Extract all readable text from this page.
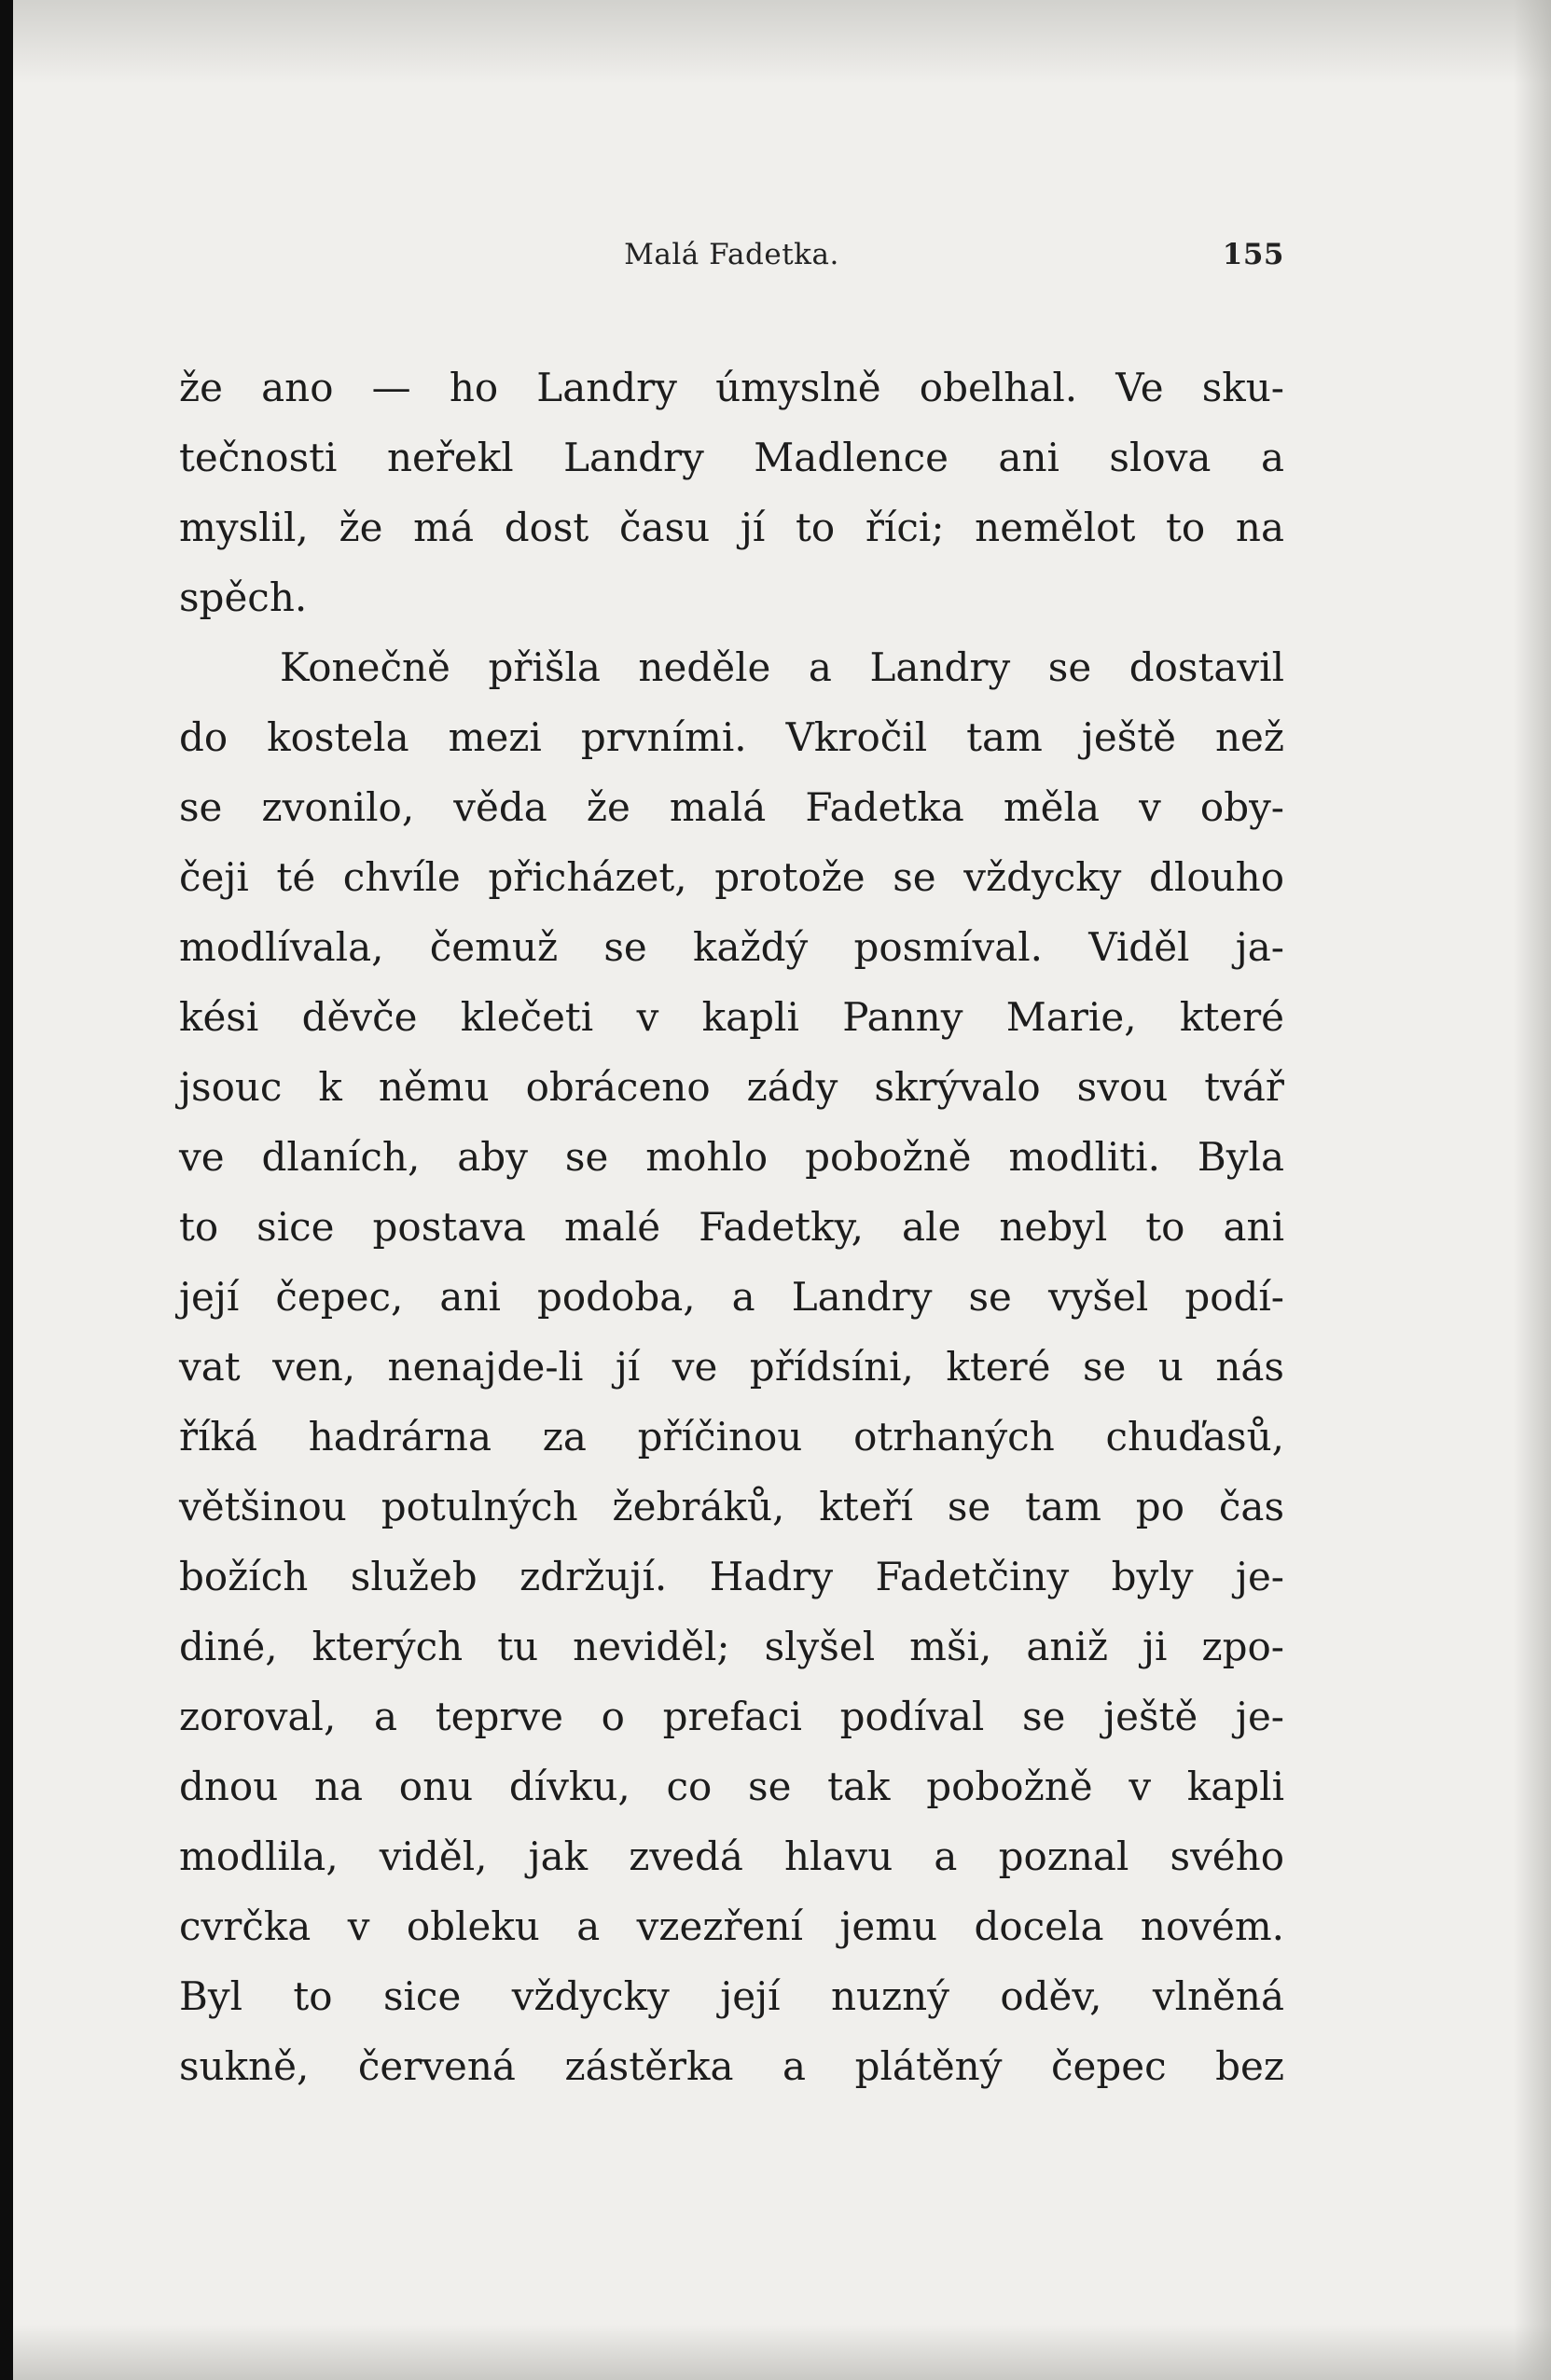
Malá Fadetka.	155
že ano — ho Landry úmyslně obelhal. Ve sku-
tečnosti neřekl Landry Madlence ani slova a
myslil, že má dost času jí to říci; nemělot to na
spěch.
Konečně přišla neděle a Landry se dostavil
do kostela mezi prvními. Vkročil tam ještě než
se zvonilo, věda že malá Fadetka měla v oby-
čeji té chvíle přicházet, protože se vždycky dlouho
modlívala, čemuž se každý posmíval. Viděl ja-
kési děvče klečeti v kapli Panny Marie, které
jsouc k němu obráceno zády skrývalo svou tvář
ve dlaních, aby se mohlo pobožně modliti. Byla
to sice postava malé Fadetky, ale nebyl to ani
její čepec, ani podoba, a Landry se vyšel podí-
vat ven, nenajde-li jí ve přídsíni, které se u nás
říká hadrárna za příčinou otrhaných chuďasů,
většinou potulných žebráků, kteří se tam po čas
božích služeb zdržují. Hadry Fadetčiny byly je-
diné, kterých tu neviděl; slyšel mši, aniž ji zpo-
zoroval, a teprve o prefaci podíval se ještě je-
dnou na onu dívku, co se tak pobožně v kapli
modlila, viděl, jak zvedá hlavu a poznal svého
cvrčka v obleku a vzezření jemu docela novém.
Byl to sice vždycky její nuzný oděv, vlněná
sukně, červená zástěrka a plátěný čepec bez
